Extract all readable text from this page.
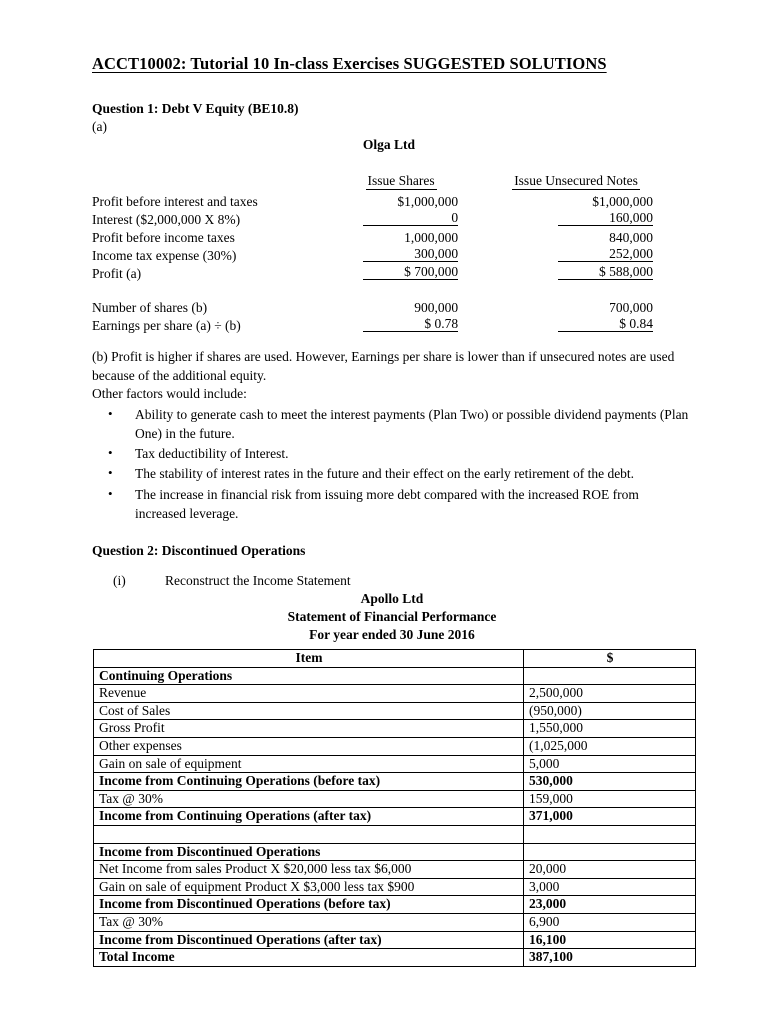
ACCT10002: Tutorial 10 In-class Exercises SUGGESTED SOLUTIONS
Question 1: Debt V Equity (BE10.8)
(a)
Olga Ltd
	Issue Shares	Issue Unsecured Notes
Profit before interest and taxes	$1,000,000	$1,000,000
Interest ($2,000,000 X 8%)	0	160,000
Profit before income taxes	1,000,000	840,000
Income tax expense (30%)	300,000	252,000
Profit (a)	$ 700,000	$ 588,000

Number of shares (b)	900,000	700,000
Earnings per share (a) ÷ (b)	$ 0.78	$ 0.84

(b) Profit is higher if shares are used. However, Earnings per share is lower than if unsecured notes are used because of the additional equity.

Other factors would include:

• Ability to generate cash to meet the interest payments (Plan Two) or possible dividend payments (Plan One) in the future.
• Tax deductibility of Interest.
• The stability of interest rates in the future and their effect on the early retirement of the debt.
• The increase in financial risk from issuing more debt compared with the increased ROE from increased leverage.
Question 2: Discontinued Operations
(i)	Reconstruct the Income Statement
Apollo Ltd
Statement of Financial Performance
For year ended 30 June 2016
Item	$
Continuing Operations	
Revenue	2,500,000
Cost of Sales	(950,000)
Gross Profit	1,550,000
Other expenses	(1,025,000
Gain on sale of equipment	5,000
Income from Continuing Operations (before tax)	530,000
Tax @ 30%	159,000
Income from Continuing Operations (after tax)	371,000

Income from Discontinued Operations	
Net Income from sales Product X $20,000 less tax $6,000	20,000
Gain on sale of equipment Product X $3,000 less tax $900	3,000
Income from Discontinued Operations (before tax)	23,000
Tax @ 30%	6,900
Income from Discontinued Operations (after tax)	16,100
Total Income	387,100
